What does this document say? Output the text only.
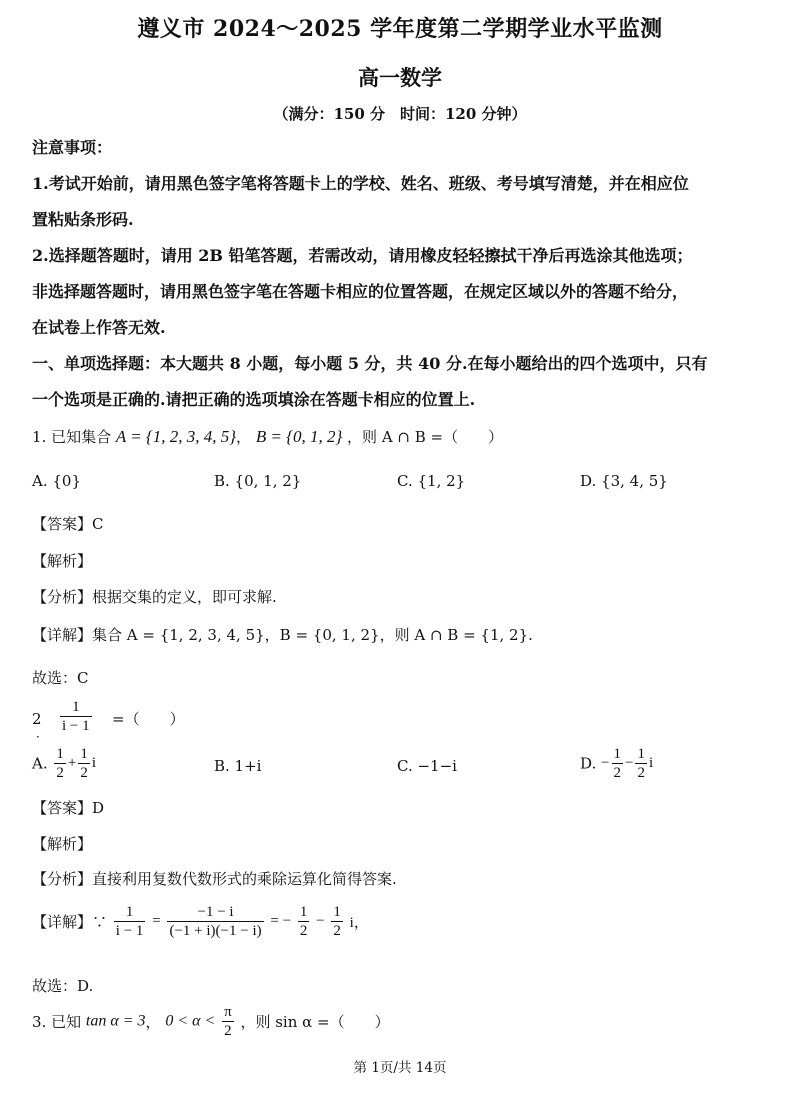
遵义市 2024～2025 学年度第二学期学业水平监测
高一数学
（满分：150 分　时间：120 分钟）
注意事项：
1.考试开始前，请用黑色签字笔将答题卡上的学校、姓名、班级、考号填写清楚，并在相应位
置粘贴条形码.
2.选择题答题时，请用 2B 铅笔答题，若需改动，请用橡皮轻轻擦拭干净后再选涂其他选项；
非选择题答题时，请用黑色签字笔在答题卡相应的位置答题，在规定区域以外的答题不给分，
在试卷上作答无效.
一、单项选择题：本大题共 8 小题，每小题 5 分，共 40 分.在每小题给出的四个选项中，只有
一个选项是正确的.请把正确的选项填涂在答题卡相应的位置上.
1. 已知集合 A = {1, 2, 3, 4, 5}， B = {0, 1, 2} ，则 A ∩ B =（　　）
A. {0}	B. {0, 1, 2}	C. {1, 2}	D. {3, 4, 5}
【答案】C
【解析】
【分析】根据交集的定义，即可求解.
【详解】集合 A = {1, 2, 3, 4, 5}，B = {0, 1, 2}，则 A ∩ B = {1, 2}.
故选：C
2
． $\frac{1}{i - 1}$ =（　　）
A. $\frac{1}{2} + \frac{1}{2}$ i	B. 1+i	C. −1−i	D. − $\frac{1}{2} - \frac{1}{2}$ i
【答案】D
【解析】
【分析】直接利用复数代数形式的乘除运算化简得答案.
【详解】∵ $\frac{1}{i - 1} = \frac{-1 - i}{(-1 + i)(-1 - i)}$ = − $\frac{1}{2} - \frac{1}{2}$ i，
故选：D.
3. 已知 tan α = 3， $0 < \alpha < \frac{\pi}{2}$ ，则 sin α =（　　）
第 1页/共 14页
